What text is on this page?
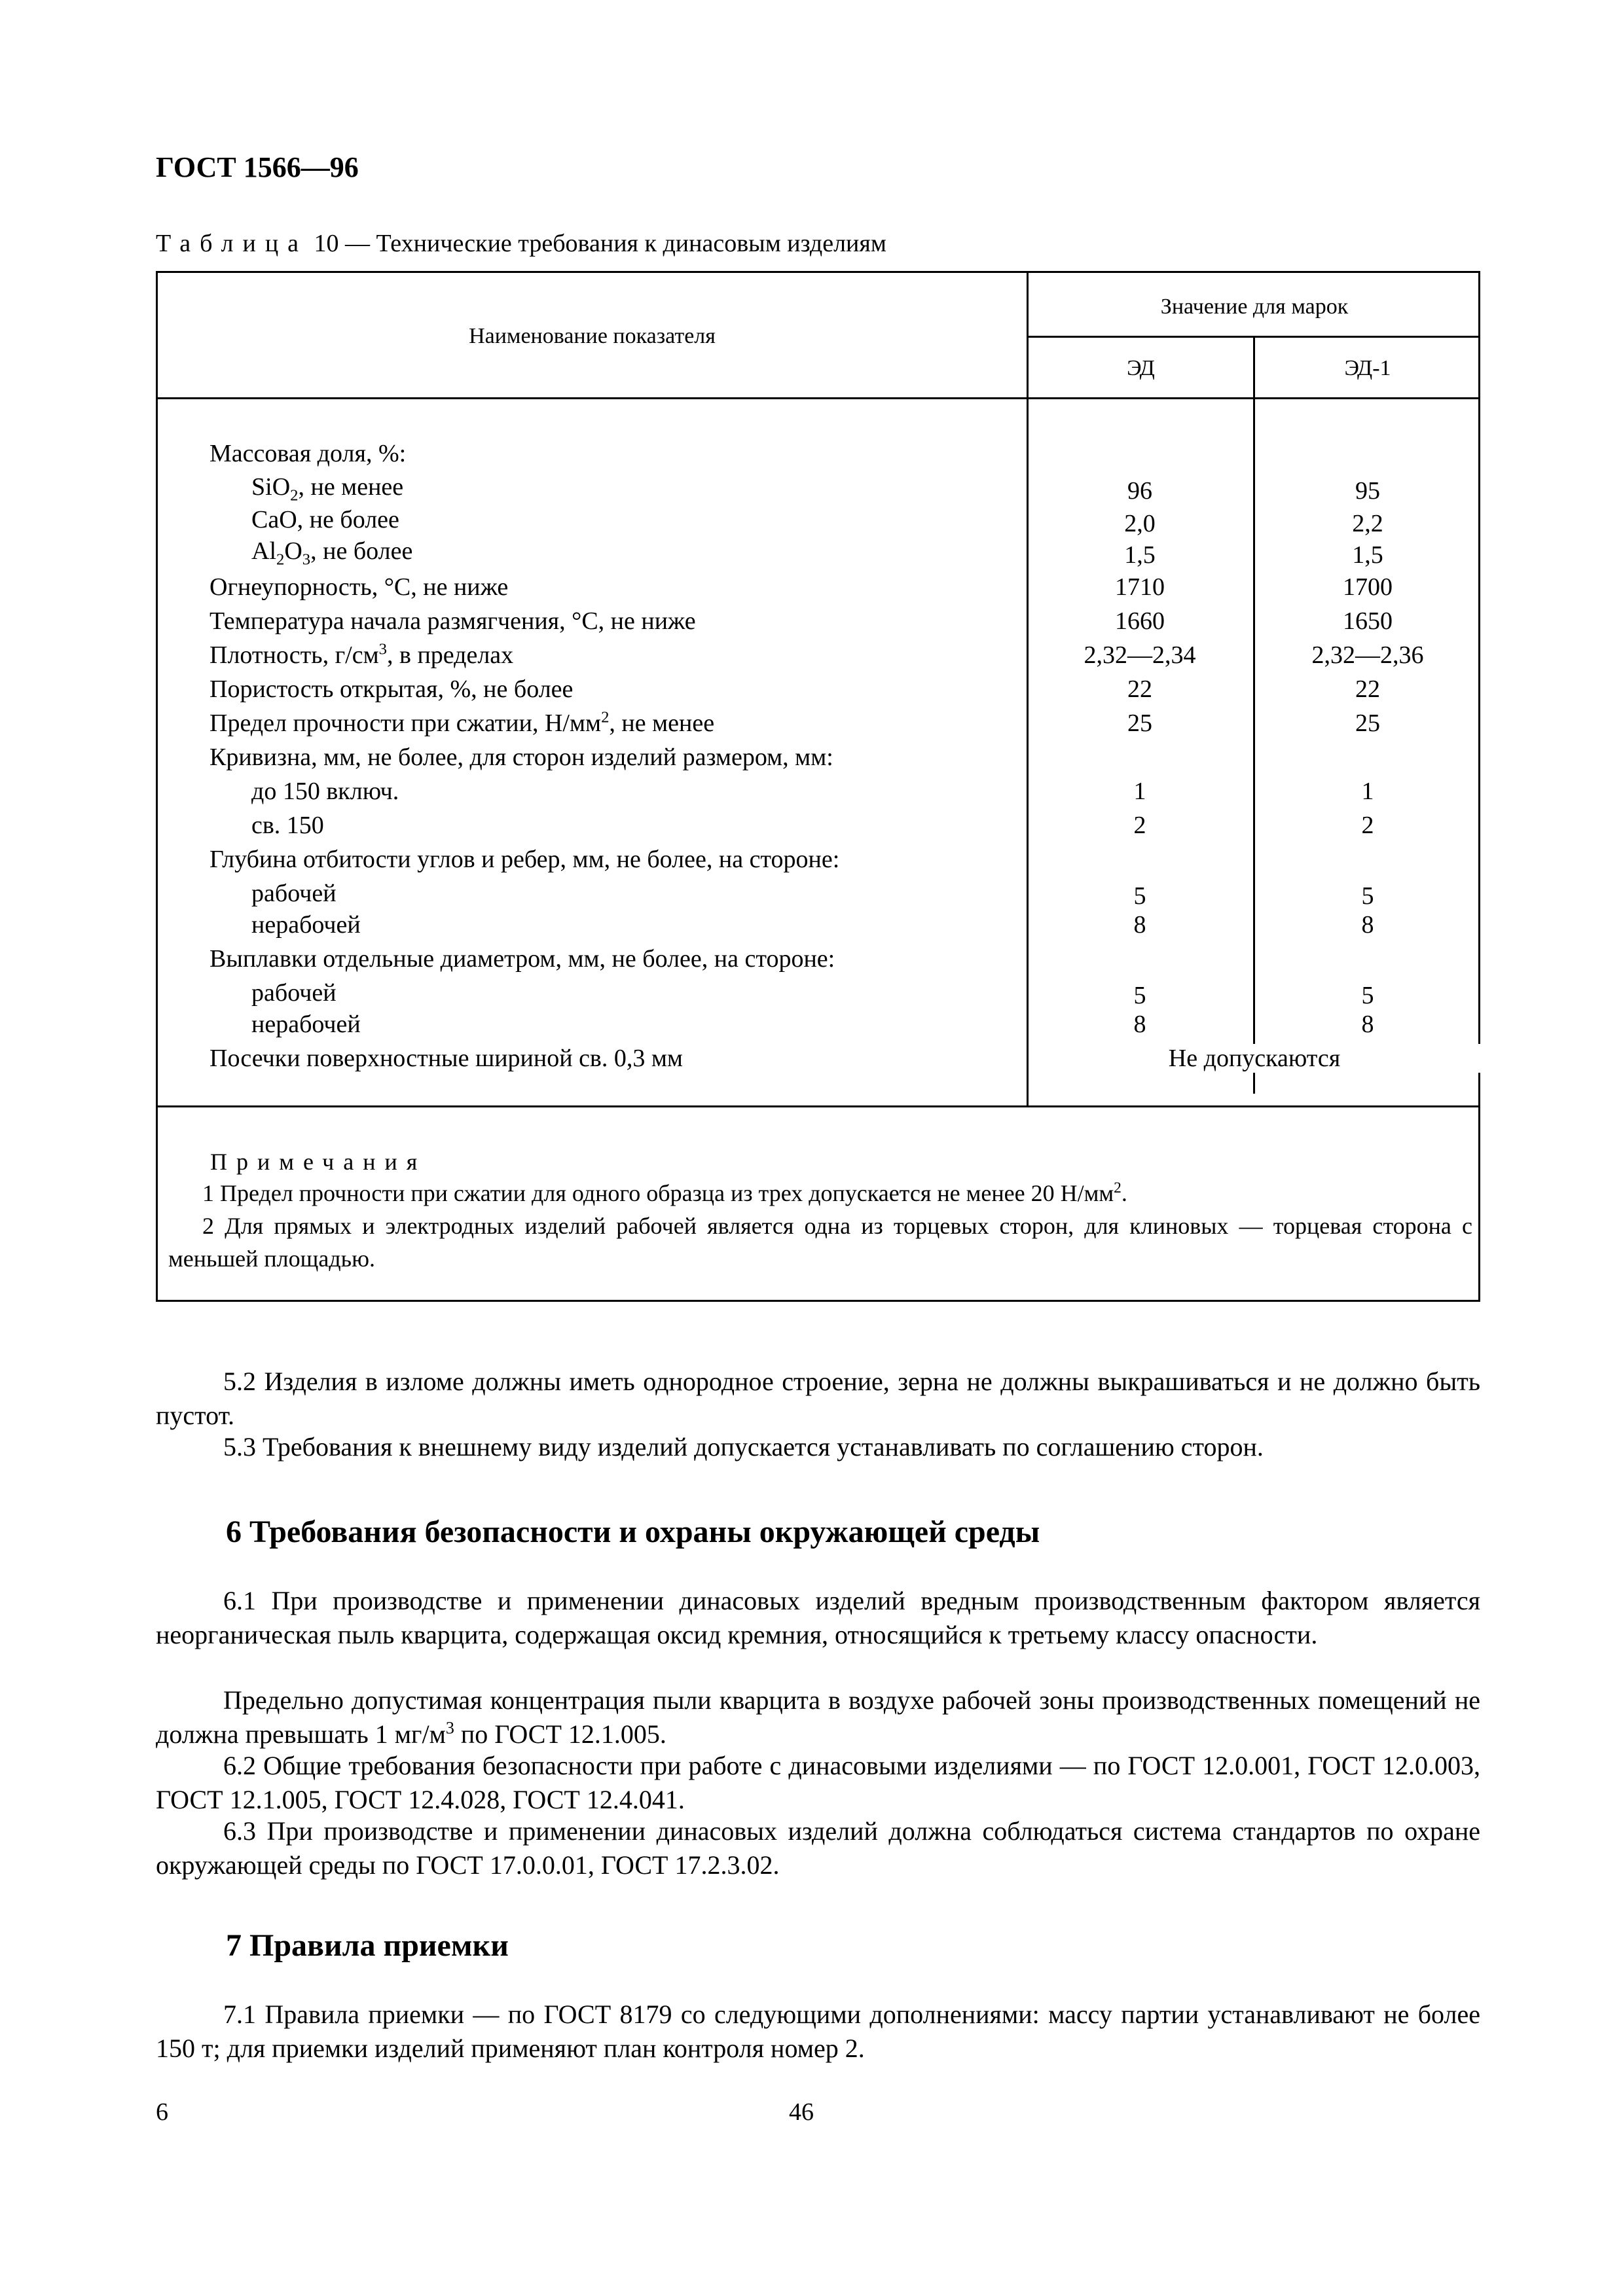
ГОСТ 1566—96
Таблица 10 — Технические требования к динасовым изделиям
Наименование показателя
Значение для марок
ЭД	ЭД-1
Массовая доля, %:
SiO$_2$, не менее	96	95
CaO, не более	2,0	2,2
$Al_2O_3$, не более	1,5	1,5
Огнеупорность, °С, не ниже	1710	1700
Температура начала размягчения, °С, не ниже	1660	1650
Плотность, $г/см^3$, в пределах	2,32—2,34	2,32—2,36
Пористость открытая, %, не более	22	22
Предел прочности при сжатии, $Н/мм^2$, не менее	25	25
Кривизна, мм, не более, для сторон изделий размером, мм:
до 150 включ.	1	1
св. 150	2	2
Глубина отбитости углов и ребер, мм, не более, на стороне:
рабочей	5	5
нерабочей	8	8
Выплавки отдельные диаметром, мм, не более, на стороне:
рабочей	5	5
нерабочей	8	8
Посечки поверхностные шириной св. 0,3 мм	Не допускаются
Примечания
1 Предел прочности при сжатии для одного образца из трех допускается не менее 20 $Н/мм^2$.
2 Для прямых и электродных изделий рабочей является одна из торцевых сторон, для клиновых — торцевая сторона с меньшей площадью.
5.2 Изделия в изломе должны иметь однородное строение, зерна не должны выкрашиваться и не должно быть пустот.
5.3 Требования к внешнему виду изделий допускается устанавливать по соглашению сторон.
6 Требования безопасности и охраны окружающей среды
6.1 При производстве и применении динасовых изделий вредным производственным фактором является неорганическая пыль кварцита, содержащая оксид кремния, относящийся к третьему классу опасности.
Предельно допустимая концентрация пыли кварцита в воздухе рабочей зоны производственных помещений не должна превышать 1 $мг/м^3$ по ГОСТ 12.1.005.
6.2 Общие требования безопасности при работе с динасовыми изделиями — по ГОСТ 12.0.001, ГОСТ 12.0.003, ГОСТ 12.1.005, ГОСТ 12.4.028, ГОСТ 12.4.041.
6.3 При производстве и применении динасовых изделий должна соблюдаться система стандартов по охране окружающей среды по ГОСТ 17.0.0.01, ГОСТ 17.2.3.02.
7 Правила приемки
7.1 Правила приемки — по ГОСТ 8179 со следующими дополнениями: массу партии устанавливают не более 150 т; для приемки изделий применяют план контроля номер 2.
6	46
